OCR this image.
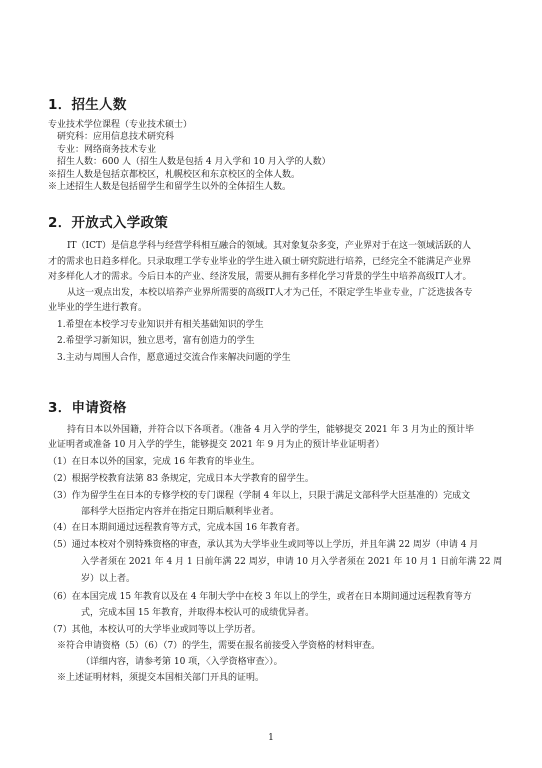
1．招生人数
专业技术学位课程（专业技术硕士）
研究科：应用信息技术研究科
专业：网络商务技术专业
招生人数：600 人（招生人数是包括 4 月入学和 10 月入学的人数）
※招生人数是包括京都校区，札幌校区和东京校区的全体人数。
※上述招生人数是包括留学生和留学生以外的全体招生人数。
2．开放式入学政策
IT（ICT）是信息学科与经营学科相互融合的领域。其对象复杂多变，产业界对于在这一领域活跃的人
才的需求也日趋多样化。只录取理工学专业毕业的学生进入硕士研究院进行培养，已经完全不能满足产业界
对多样化人才的需求。今后日本的产业、经济发展，需要从拥有多样化学习背景的学生中培养高级IT人才。
从这一观点出发，本校以培养产业界所需要的高级IT人才为己任，不限定学生毕业专业，广泛选拔各专
业毕业的学生进行教育。
1.希望在本校学习专业知识并有相关基础知识的学生
2.希望学习新知识，独立思考，富有创造力的学生
3.主动与周围人合作，愿意通过交流合作来解决问题的学生
3．申请资格
持有日本以外国籍，并符合以下各项者。（准备 4 月入学的学生，能够提交 2021 年 3 月为止的预计毕
业证明者或准备 10 月入学的学生，能够提交 2021 年 9 月为止的预计毕业证明者）
（1）在日本以外的国家，完成 16 年教育的毕业生。
（2）根据学校教育法第 83 条规定，完成日本大学教育的留学生。
（3）作为留学生在日本的专修学校的专门课程（学制 4 年以上，只限于满足文部科学大臣基准的）完成文
部科学大臣指定内容并在指定日期后顺利毕业者。
（4）在日本期间通过远程教育等方式，完成本国 16 年教育者。
（5）通过本校对个别特殊资格的审查，承认其为大学毕业生或同等以上学历，并且年满 22 周岁（申请 4 月
入学者须在 2021 年 4 月 1 日前年满 22 周岁，申请 10 月入学者须在 2021 年 10 月 1 日前年满 22 周
岁）以上者。
（6）在本国完成 15 年教育以及在 4 年制大学中在校 3 年以上的学生，或者在日本期间通过远程教育等方
式，完成本国 15 年教育，并取得本校认可的成绩优异者。
（7）其他，本校认可的大学毕业或同等以上学历者。
※符合申请资格（5）（6）（7）的学生，需要在报名前接受入学资格的材料审查。
（详细内容，请参考第 10 项，〈入学资格审查〉）。
※上述证明材料，须提交本国相关部门开具的证明。
1
